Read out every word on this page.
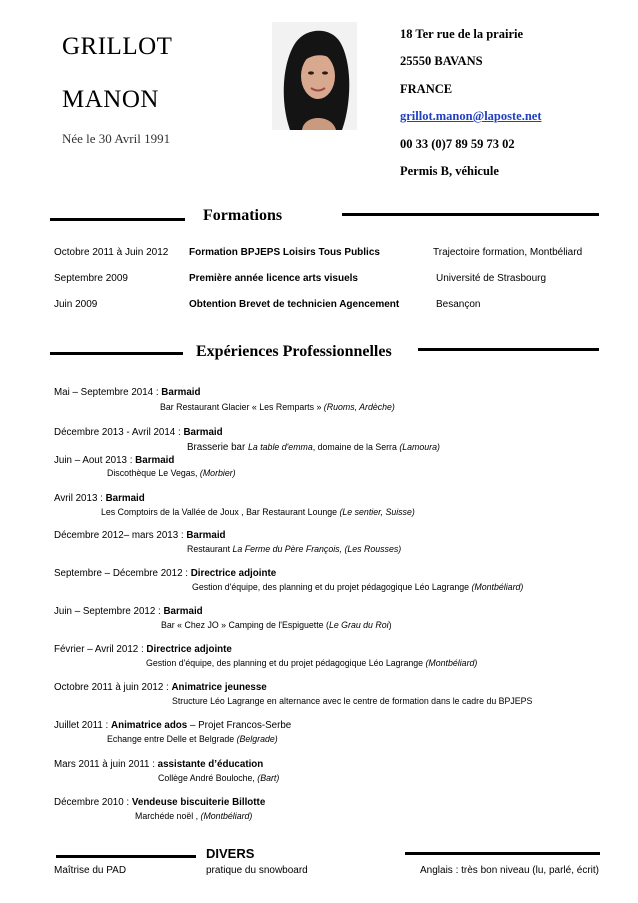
GRILLOT
MANON
Née le 30 Avril 1991
18 Ter rue de la prairie
25550 BAVANS
FRANCE
grillot.manon@laposte.net
00 33 (0)7 89 59 73 02
Permis B, véhicule
Formations
Octobre 2011 à Juin 2012 Formation BPJEPS Loisirs Tous Publics	Trajectoire formation, Montbéliard
Septembre 2009	Première année licence arts visuels	Université de Strasbourg
Juin 2009	Obtention Brevet de technicien Agencement	Besançon
Expériences Professionnelles
Mai – Septembre 2014 : Barmaid
Bar Restaurant Glacier « Les Remparts » (Ruoms, Ardèche)
Décembre 2013 - Avril 2014 : Barmaid
Brasserie bar La table d'emma, domaine de la Serra (Lamoura)
Juin – Aout 2013 : Barmaid
Discothèque Le Vegas, (Morbier)
Avril 2013 : Barmaid
Les Comptoirs de la Vallée de Joux , Bar Restaurant Lounge (Le sentier, Suisse)
Décembre 2012– mars 2013 : Barmaid
Restaurant La Ferme du Père François, (Les Rousses)
Septembre – Décembre 2012 : Directrice adjointe
Gestion d'équipe, des planning et du projet pédagogique Léo Lagrange (Montbéliard)
Juin – Septembre 2012 : Barmaid
Bar « Chez JO » Camping de l'Espiguette (Le Grau du Roi)
Février – Avril 2012 : Directrice adjointe
Gestion d'équipe, des planning et du projet pédagogique Léo Lagrange (Montbéliard)
Octobre 2011 à juin 2012 : Animatrice jeunesse
Structure Léo Lagrange en alternance avec le centre de formation dans le cadre du BPJEPS
Juillet 2011 : Animatrice ados – Projet Francos-Serbe
Echange entre Delle et Belgrade (Belgrade)
Mars 2011 à juin 2011 : assistante d’éducation
Collège André Bouloche, (Bart)
Décembre 2010 : Vendeuse biscuiterie Billotte
Marchéde noël , (Montbéliard)
DIVERS
Maîtrise du PAD	pratique du snowboard	Anglais : très bon niveau (lu, parlé, écrit)
